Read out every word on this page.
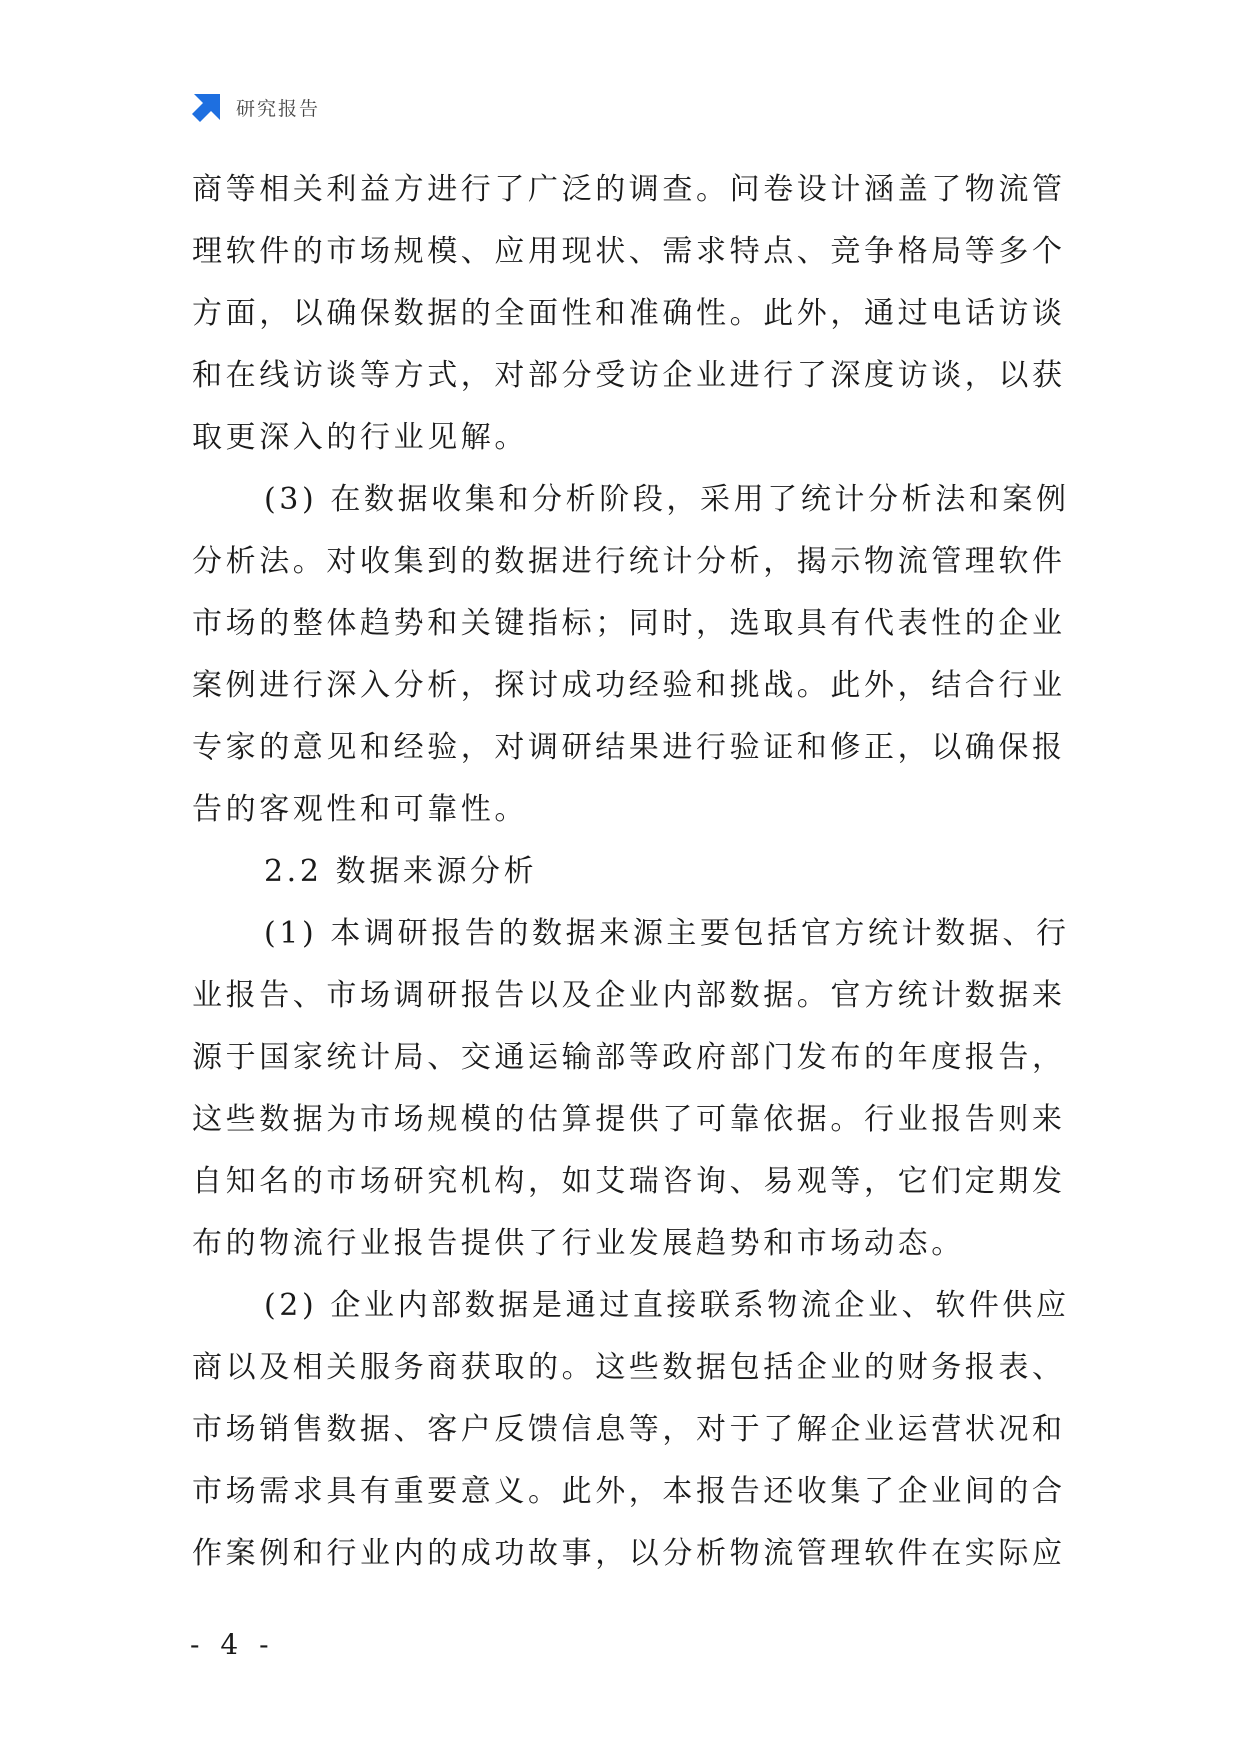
研究报告
商等相关利益方进行了广泛的调查。问卷设计涵盖了物流管
理软件的市场规模、应用现状、需求特点、竞争格局等多个
方面，以确保数据的全面性和准确性。此外，通过电话访谈
和在线访谈等方式，对部分受访企业进行了深度访谈，以获
取更深入的行业见解。
(3) 在数据收集和分析阶段，采用了统计分析法和案例
分析法。对收集到的数据进行统计分析，揭示物流管理软件
市场的整体趋势和关键指标；同时，选取具有代表性的企业
案例进行深入分析，探讨成功经验和挑战。此外，结合行业
专家的意见和经验，对调研结果进行验证和修正，以确保报
告的客观性和可靠性。
2.2 数据来源分析
(1) 本调研报告的数据来源主要包括官方统计数据、行
业报告、市场调研报告以及企业内部数据。官方统计数据来
源于国家统计局、交通运输部等政府部门发布的年度报告，
这些数据为市场规模的估算提供了可靠依据。行业报告则来
自知名的市场研究机构，如艾瑞咨询、易观等，它们定期发
布的物流行业报告提供了行业发展趋势和市场动态。
(2) 企业内部数据是通过直接联系物流企业、软件供应
商以及相关服务商获取的。这些数据包括企业的财务报表、
市场销售数据、客户反馈信息等，对于了解企业运营状况和
市场需求具有重要意义。此外，本报告还收集了企业间的合
作案例和行业内的成功故事，以分析物流管理软件在实际应
- 4 -
